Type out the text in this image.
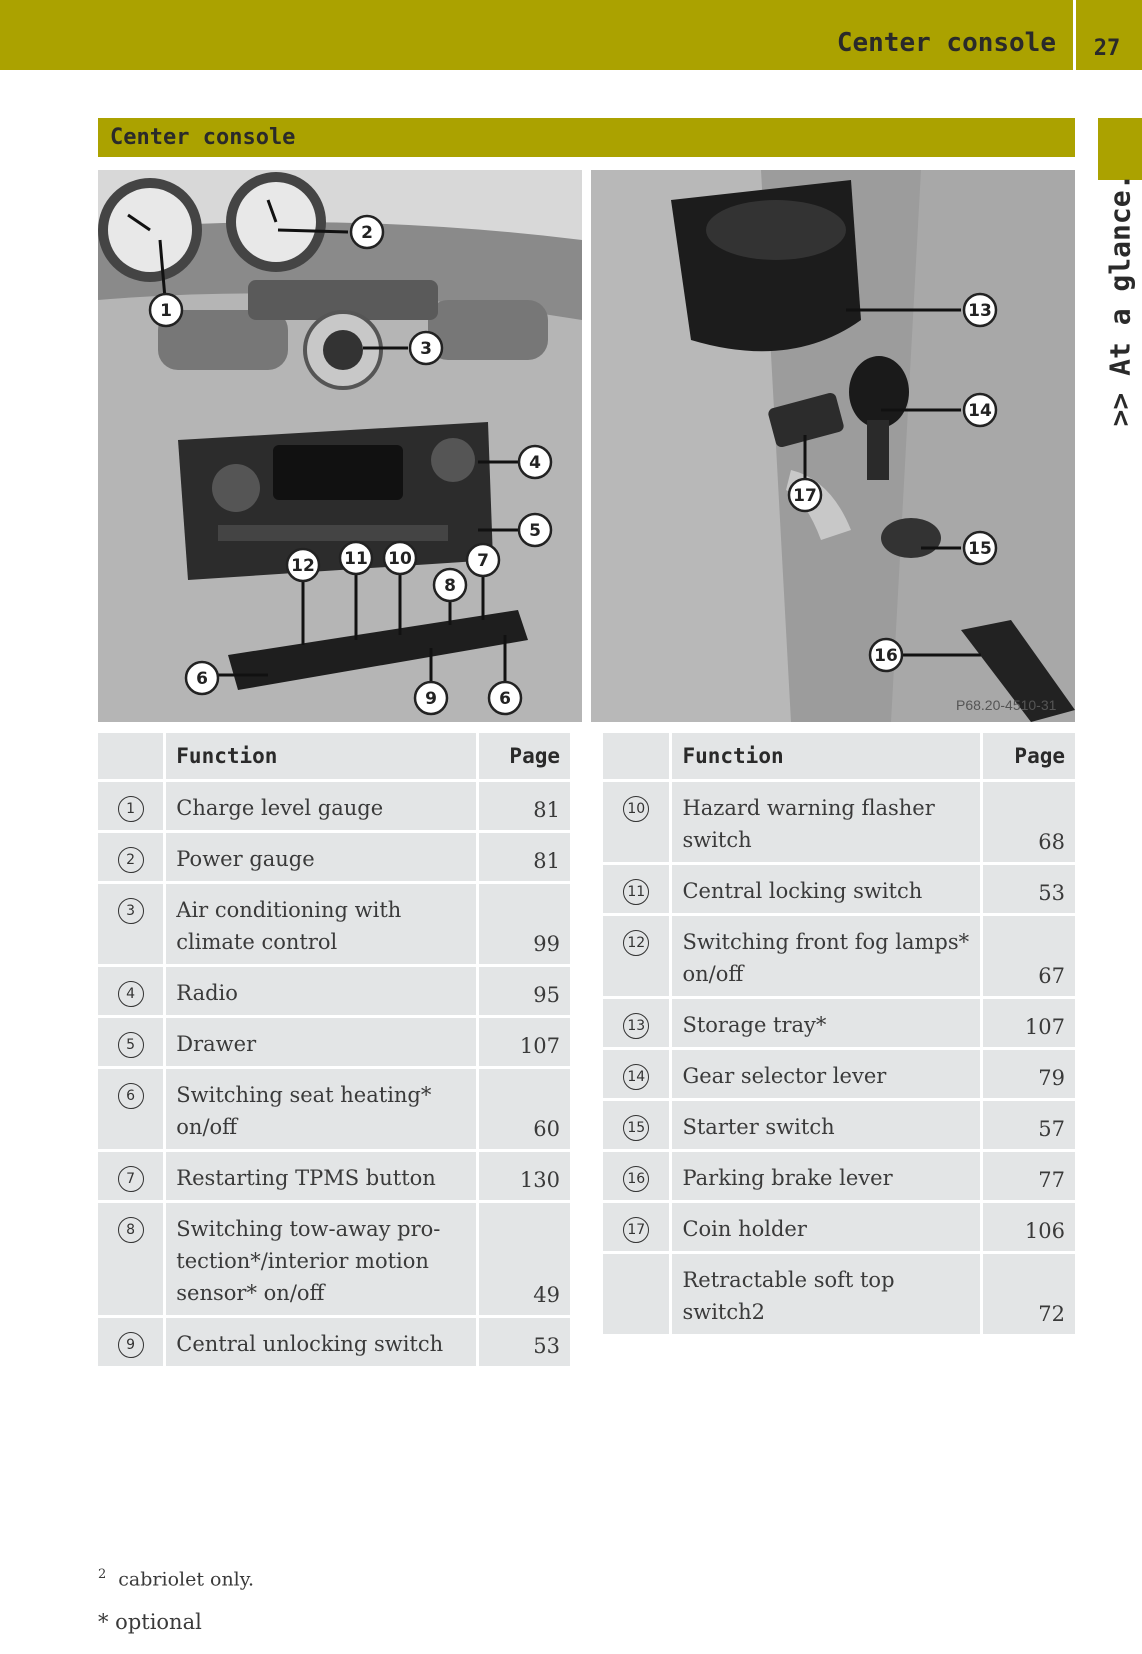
Center console	27
>> At a glance.
Center console
1
2
3
4
5
12 11 10	7
8
6
9	6	P68.20-4510-31
13
14
15
17
16
	Function	Page
1	Charge level gauge	81
2	Power gauge	81
3	Air conditioning with climate control	99
4	Radio	95
5	Drawer	107
6	Switching seat heating* on/off	60
7	Restarting TPMS button	130
8	Switching tow-away pro-tection*/interior motion sensor* on/off	49
9	Central unlocking switch	53
	Function	Page
10	Hazard warning flasher switch	68
11	Central locking switch	53
12	Switching front fog lamps* on/off	67
13	Storage tray*	107
14	Gear selector lever	79
15	Starter switch	57
16	Parking brake lever	77
17	Coin holder	106
	Retractable soft top switch2	72
$^2$ cabriolet only.
* optional
